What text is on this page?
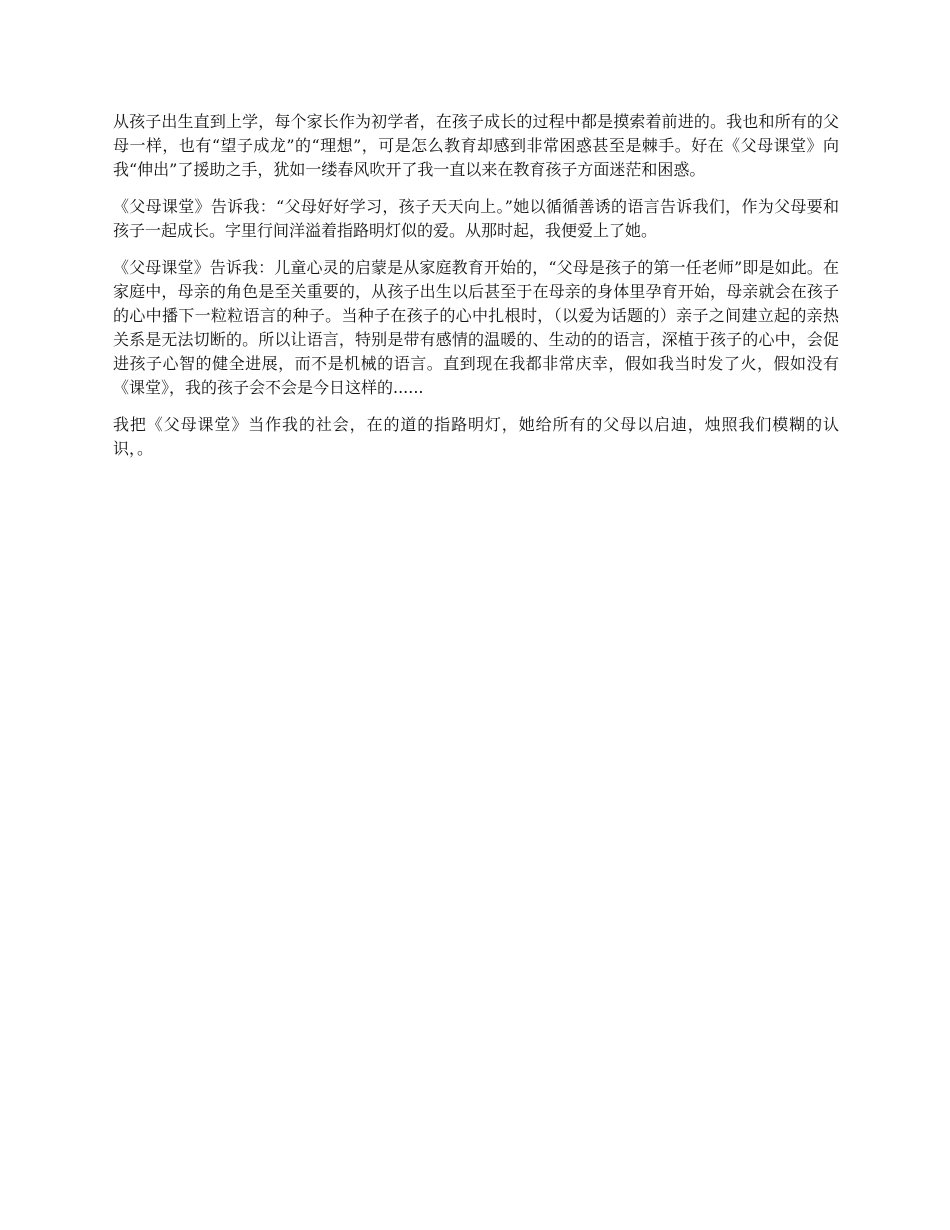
从孩子出生直到上学，每个家长作为初学者，在孩子成长的过程中都是摸索着前进的。我也和所有的父母一样，也有“望子成龙”的“理想”，可是怎么教育却感到非常困惑甚至是棘手。好在《父母课堂》向我“伸出”了援助之手，犹如一缕春风吹开了我一直以来在教育孩子方面迷茫和困惑。

《父母课堂》告诉我：“父母好好学习，孩子天天向上。”她以循循善诱的语言告诉我们，作为父母要和孩子一起成长。字里行间洋溢着指路明灯似的爱。从那时起，我便爱上了她。

《父母课堂》告诉我：儿童心灵的启蒙是从家庭教育开始的，“父母是孩子的第一任老师”即是如此。在家庭中，母亲的角色是至关重要的，从孩子出生以后甚至于在母亲的身体里孕育开始，母亲就会在孩子的心中播下一粒粒语言的种子。当种子在孩子的心中扎根时，（以爱为话题的）亲子之间建立起的亲热关系是无法切断的。所以让语言，特别是带有感情的温暖的、生动的的语言，深植于孩子的心中，会促进孩子心智的健全进展，而不是机械的语言。直到现在我都非常庆幸，假如我当时发了火，假如没有《课堂》，我的孩子会不会是今日这样的......

我把《父母课堂》当作我的社会，在的道的指路明灯，她给所有的父母以启迪，烛照我们模糊的认识，。
